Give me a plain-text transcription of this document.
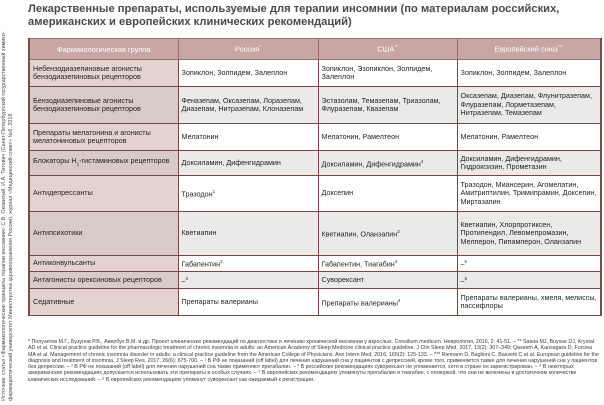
Источник: статья «Фармакологические принципы терапии инсомнии» С.В. Оковитый, И.А. Титович (Санкт-Петербургский государственный химико-фармацевтический университет Министерства здравоохранения России), журнал «Медицинский совет» №6, 2018
Лекарственные препараты, используемые для терапии инсомнии (по материалам российских, американских и европейских клинических рекомендаций)
Фармакологическая группа	Россия*	США**	Европейский союз***
Небензодиазепиновые агонисты бензодиазепиновых рецепторов	Зопиклон, Золпидем, Залеплон	Зопиклон, Эзопиклон, Золпидем, Залеплон	Зопиклон, Золпидем, Залеплон
Бензодиазепиновые агонисты бензодиазепиновых рецепторов	Феназепам, Оксазепам, Лоразепам, Диазепам, Нитразепам, Клоназепам	Эстазолам, Темазепам, Триазолам, Флуразепам, Квазепам	Оксазепам, Диазепам, Флунитразепам, Флуразепам, Лорметазепам, Нитразепам, Темазепам
Препараты мелатонина и агонисты мелатониновых рецепторов	Мелатонин	Мелатонин, Рамелтеон	Мелатонин, Рамелтеон
Блокаторы $Н_1$-гистаминовых рецепторов	Доксиламин, Дифенгидрамин	Доксиламин, Дифенгидрамин$^4$	Доксиламин, Дифенгидрамин, Гидроксизин, Прометазин
Антидепрессанты	Тразодон$^1$	Доксепин	Тразодон, Миансерин, Агомелатин, Амитриптилин, Тримипрамин, Доксепин, Миртазапин
Антипсихотики	Кветиапин	Кветиапин, Оланзапин$^2$	Кветиапин, Хлорпротиксен, Протипендил, Левомепромазин, Мелперон, Пипамперон, Оланзапин
Антиконвульсанты	Габапентин$^2$	Габапентин, Тиагабин$^4$	–$^5$
Антагонисты орексиновых рецепторов	–$^3$	Суворексант	–$^6$
Седативные	Препараты валерианы	Препараты валерианы$^4$	Препараты валерианы, хмеля, мелиссы, пассифлоры

* Полуэктов М.Г., Бузунов Р.В., Авербух В.М. и др. Проект клинических рекомендаций по диагностике и лечению хронической инсомнии у взрослых. Consilium medicum. Неврология, 2016, 2: 41-51. – ** Sateia MJ, Buysse DJ, Krystal AD et al. Clinical practice guideline for the pharmacologic treatment of chronic insomnia in adults: an American Academy of Sleep Medicine clinical practice guideline. J Clin Sleep Med, 2017, 13(2): 307–349; Qaseem A, Kansagara D, Forciea MA et al. Management of chronic insomnia disorder in adults: a clinical practice guideline from the American College of Physicians. Ann Intern Med, 2016, 165(2): 125-133. – *** Riemann D, Baglioni C, Bassetti C et al. European guideline for the diagnosis and treatment of insomnia. J Sleep Res, 2017, 26(6): 675-700. – ¹ В РФ не показаний (off label) для лечения нарушений сна у пациентов с депрессией, кроме того, применяется также для лечения нарушений сна у пациентов без депрессии. – ² В РФ не показаний (off label) для лечения нарушений сна также применяют прегабалин. – ³ В российских рекомендациях суворексант не упоминается, хотя в стране он зарегистрирован. – ⁴ В некоторых американских рекомендациях допускается использовать эти препараты в особых случаях. – ⁵ В европейских рекомендациях упомянуты прегабалин и тиагабин, с оговоркой, что они не включены в достаточном количестве клинических исследований. – ⁶ В европейских рекомендациях упомянут суворексант как ожидаемый к регистрации.
